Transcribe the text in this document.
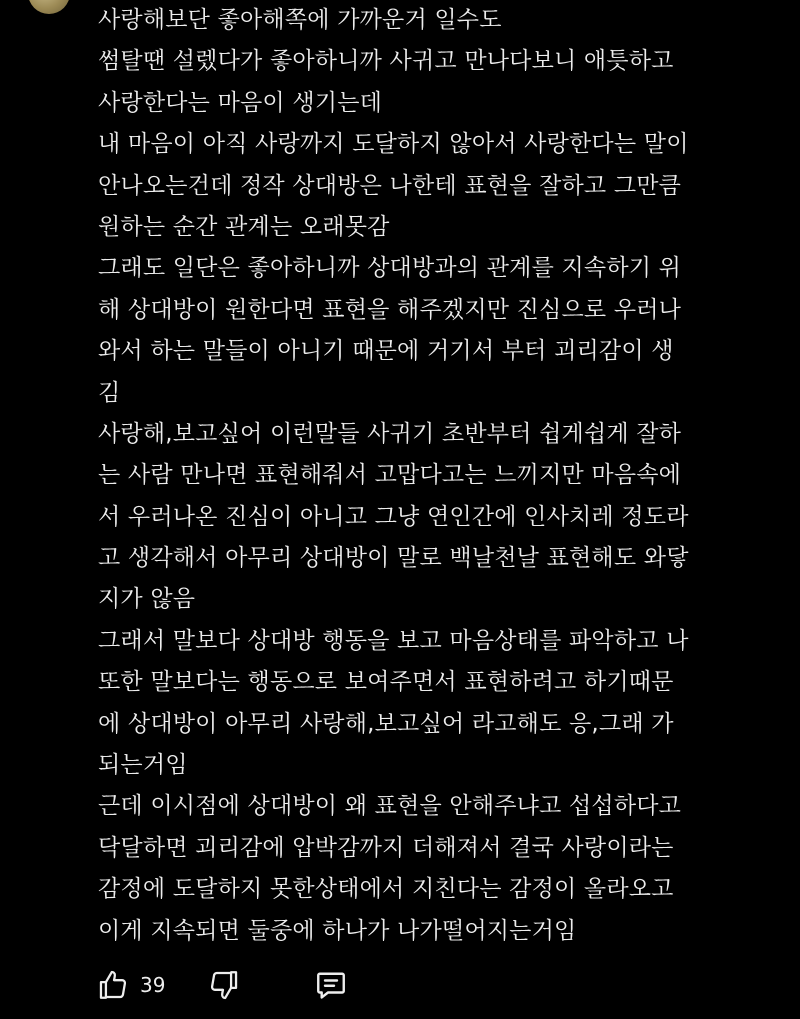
사랑해보단 좋아해쪽에 가까운거 일수도
썸탈땐 설렜다가 좋아하니까 사귀고 만나다보니 애틋하고
사랑한다는 마음이 생기는데
내 마음이 아직 사랑까지 도달하지 않아서 사랑한다는 말이
안나오는건데 정작 상대방은 나한테 표현을 잘하고 그만큼
원하는 순간 관계는 오래못감
그래도 일단은 좋아하니까 상대방과의 관계를 지속하기 위
해 상대방이 원한다면 표현을 해주겠지만 진심으로 우러나
와서 하는 말들이 아니기 때문에 거기서 부터 괴리감이 생
김
사랑해,보고싶어 이런말들 사귀기 초반부터 쉽게쉽게 잘하
는 사람 만나면 표현해줘서 고맙다고는 느끼지만 마음속에
서 우러나온 진심이 아니고 그냥 연인간에 인사치레 정도라
고 생각해서 아무리 상대방이 말로 백날천날 표현해도 와닿
지가 않음
그래서 말보다 상대방 행동을 보고 마음상태를 파악하고 나
또한 말보다는 행동으로 보여주면서 표현하려고 하기때문
에 상대방이 아무리 사랑해,보고싶어 라고해도 응,그래 가
되는거임
근데 이시점에 상대방이 왜 표현을 안해주냐고 섭섭하다고
닥달하면 괴리감에 압박감까지 더해져서 결국 사랑이라는
감정에 도달하지 못한상태에서 지친다는 감정이 올라오고
이게 지속되면 둘중에 하나가 나가떨어지는거임
39
